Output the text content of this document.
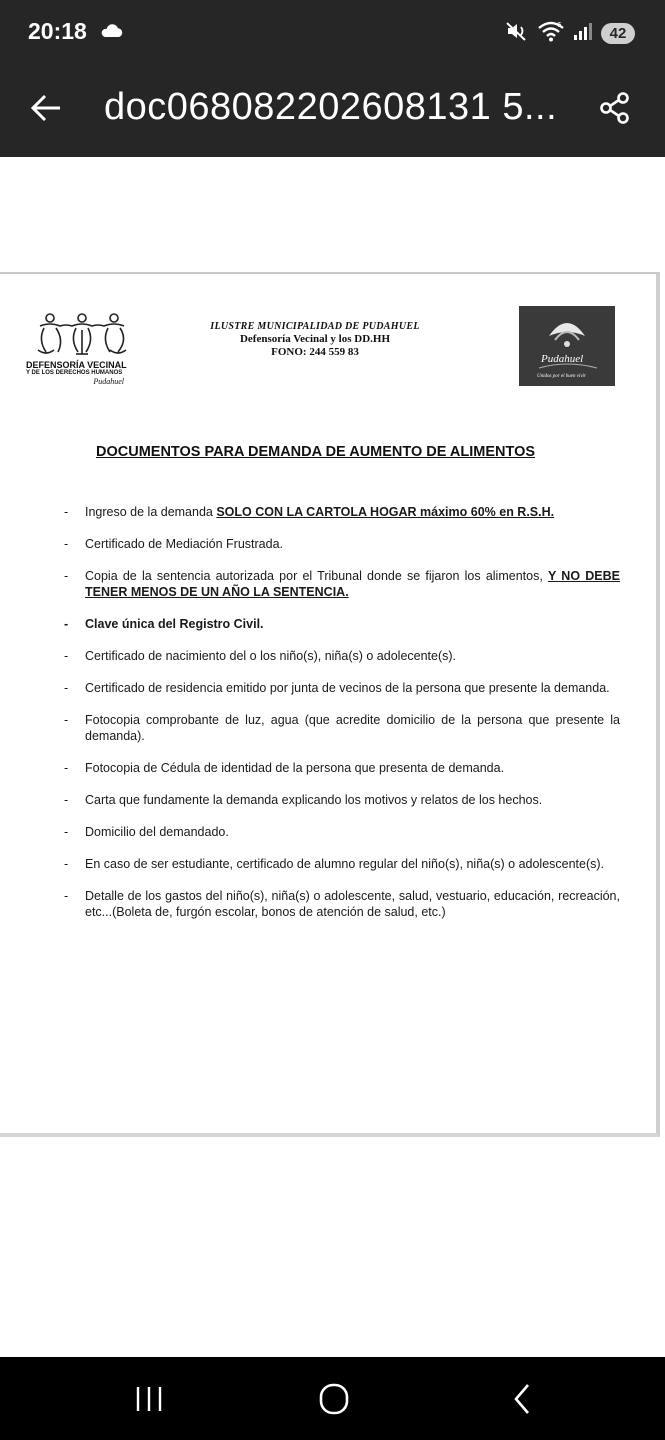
20:18	6	42
doc068082202608131 5...
DEFENSORÍA VECINAL
Y DE LOS DERECHOS HUMANOS
Pudahuel
ILUSTRE MUNICIPALIDAD DE PUDAHUEL
Defensoría Vecinal y los DD.HH
FONO: 244 559 83
Pudahuel
Unidos por el buen vivir
DOCUMENTOS PARA DEMANDA DE AUMENTO DE ALIMENTOS
- Ingreso de la demanda SOLO CON LA CARTOLA HOGAR máximo 60% en R.S.H.
- Certificado de Mediación Frustrada.
- Copia de la sentencia autorizada por el Tribunal donde se fijaron los alimentos, Y NO DEBE TENER MENOS DE UN AÑO LA SENTENCIA.
- Clave única del Registro Civil.
- Certificado de nacimiento del o los niño(s), niña(s) o adolecente(s).
- Certificado de residencia emitido por junta de vecinos de la persona que presente la demanda.
- Fotocopia comprobante de luz, agua (que acredite domicilio de la persona que presente la demanda).
- Fotocopia de Cédula de identidad de la persona que presenta de demanda.
- Carta que fundamente la demanda explicando los motivos y relatos de los hechos.
- Domicilio del demandado.
- En caso de ser estudiante, certificado de alumno regular del niño(s), niña(s) o adolescente(s).
- Detalle de los gastos del niño(s), niña(s) o adolescente, salud, vestuario, educación, recreación, etc...(Boleta de, furgón escolar, bonos de atención de salud, etc.)
